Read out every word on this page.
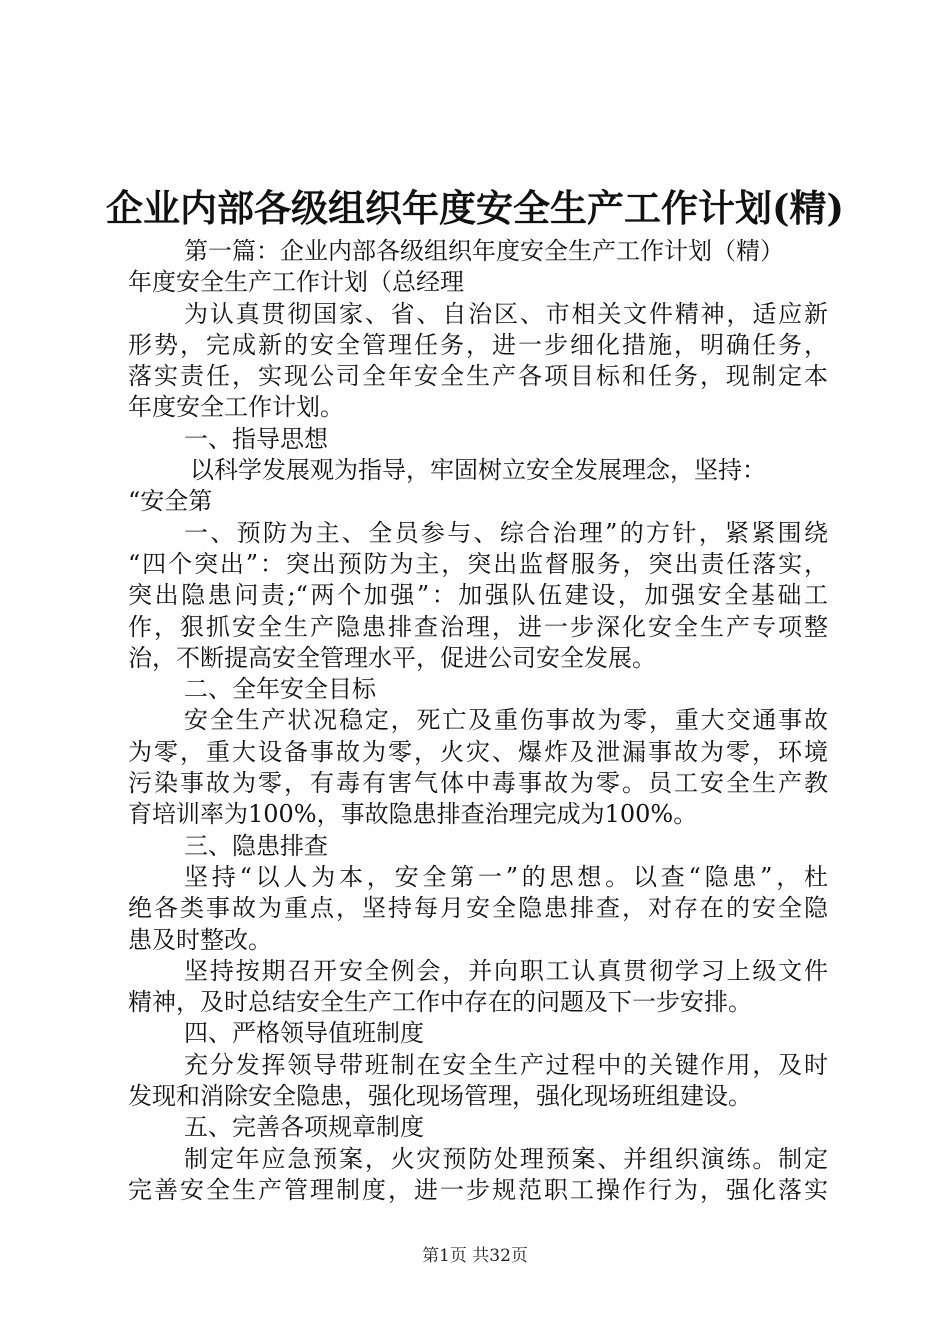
企业内部各级组织年度安全生产工作计划(精)
第一篇：企业内部各级组织年度安全生产工作计划（精）
年度安全生产工作计划（总经理
为认真贯彻国家、省、自治区、市相关文件精神，适应新
形势，完成新的安全管理任务，进一步细化措施，明确任务，
落实责任，实现公司全年安全生产各项目标和任务，现制定本
年度安全工作计划。
一、指导思想
以科学发展观为指导，牢固树立安全发展理念，坚持：
“安全第
一、预防为主、全员参与、综合治理”的方针，紧紧围绕
“四个突出”：突出预防为主，突出监督服务，突出责任落实，
突出隐患问责;“两个加强”：加强队伍建设，加强安全基础工
作，狠抓安全生产隐患排查治理，进一步深化安全生产专项整
治，不断提高安全管理水平，促进公司安全发展。
二、全年安全目标
安全生产状况稳定，死亡及重伤事故为零，重大交通事故
为零，重大设备事故为零，火灾、爆炸及泄漏事故为零，环境
污染事故为零，有毒有害气体中毒事故为零。员工安全生产教
育培训率为100%，事故隐患排查治理完成为100%。
三、隐患排查
坚持“以人为本，安全第一”的思想。以查“隐患”，杜
绝各类事故为重点，坚持每月安全隐患排查，对存在的安全隐
患及时整改。
坚持按期召开安全例会，并向职工认真贯彻学习上级文件
精神，及时总结安全生产工作中存在的问题及下一步安排。
四、严格领导值班制度
充分发挥领导带班制在安全生产过程中的关键作用，及时
发现和消除安全隐患，强化现场管理，强化现场班组建设。
五、完善各项规章制度
制定年应急预案，火灾预防处理预案、并组织演练。制定
完善安全生产管理制度，进一步规范职工操作行为，强化落实
第1页 共32页
